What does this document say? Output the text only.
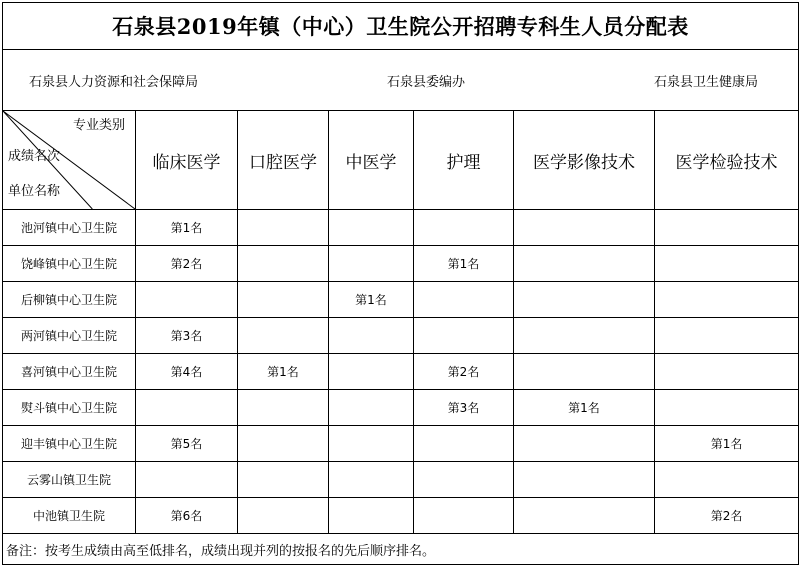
石泉县2019年镇（中心）卫生院公开招聘专科生人员分配表						

石泉县人力资源和社会保障局 石泉县委编办 石泉县卫生健康局						

专业类别
成绩名次
单位名称	临床医学	口腔医学	中医学	护理	医学影像技术	医学检验技术
池河镇中心卫生院	第1名					
饶峰镇中心卫生院	第2名			第1名		
后柳镇中心卫生院			第1名			
两河镇中心卫生院	第3名					
喜河镇中心卫生院	第4名	第1名		第2名		
熨斗镇中心卫生院				第3名	第1名	
迎丰镇中心卫生院	第5名					第1名
云雾山镇卫生院						
中池镇卫生院	第6名					第2名
备注：按考生成绩由高至低排名，成绩出现并列的按报名的先后顺序排名。						
